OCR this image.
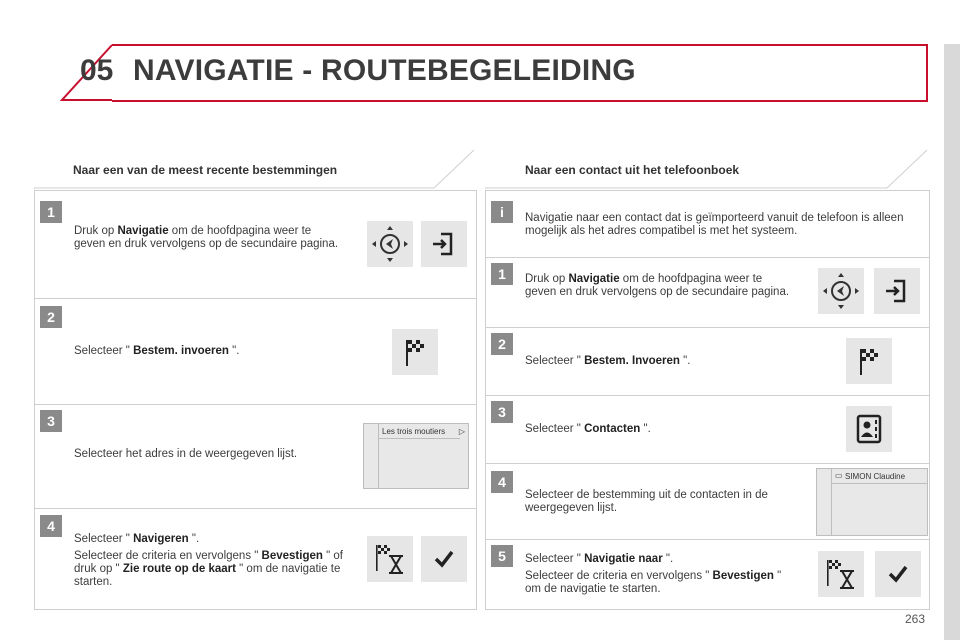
05 NAVIGATIE - ROUTEBEGELEIDING
Naar een van de meest recente bestemmingen	Naar een contact uit het telefoonboek
1
Druk op Navigatie om de hoofdpagina weer te geven en druk vervolgens op de secundaire pagina.
2
Selecteer " Bestem. invoeren ".
3
Selecteer het adres in de weergegeven lijst.
Les trois moutiers ▷
4
Selecteer " Navigeren ".
Selecteer de criteria en vervolgens " Bevestigen " of druk op " Zie route op de kaart " om de navigatie te starten.
i	Navigatie naar een contact dat is geïmporteerd vanuit de telefoon is alleen mogelijk als het adres compatibel is met het systeem.
1	Druk op Navigatie om de hoofdpagina weer te geven en druk vervolgens op de secundaire pagina.
2
Selecteer " Bestem. Invoeren ".
3
Selecteer " Contacten ".
4
Selecteer de bestemming uit de contacten in de weergegeven lijst.
SIMON Claudine
▭
5	Selecteer " Navigatie naar ".
Selecteer de criteria en vervolgens " Bevestigen " om de navigatie te starten.
263
